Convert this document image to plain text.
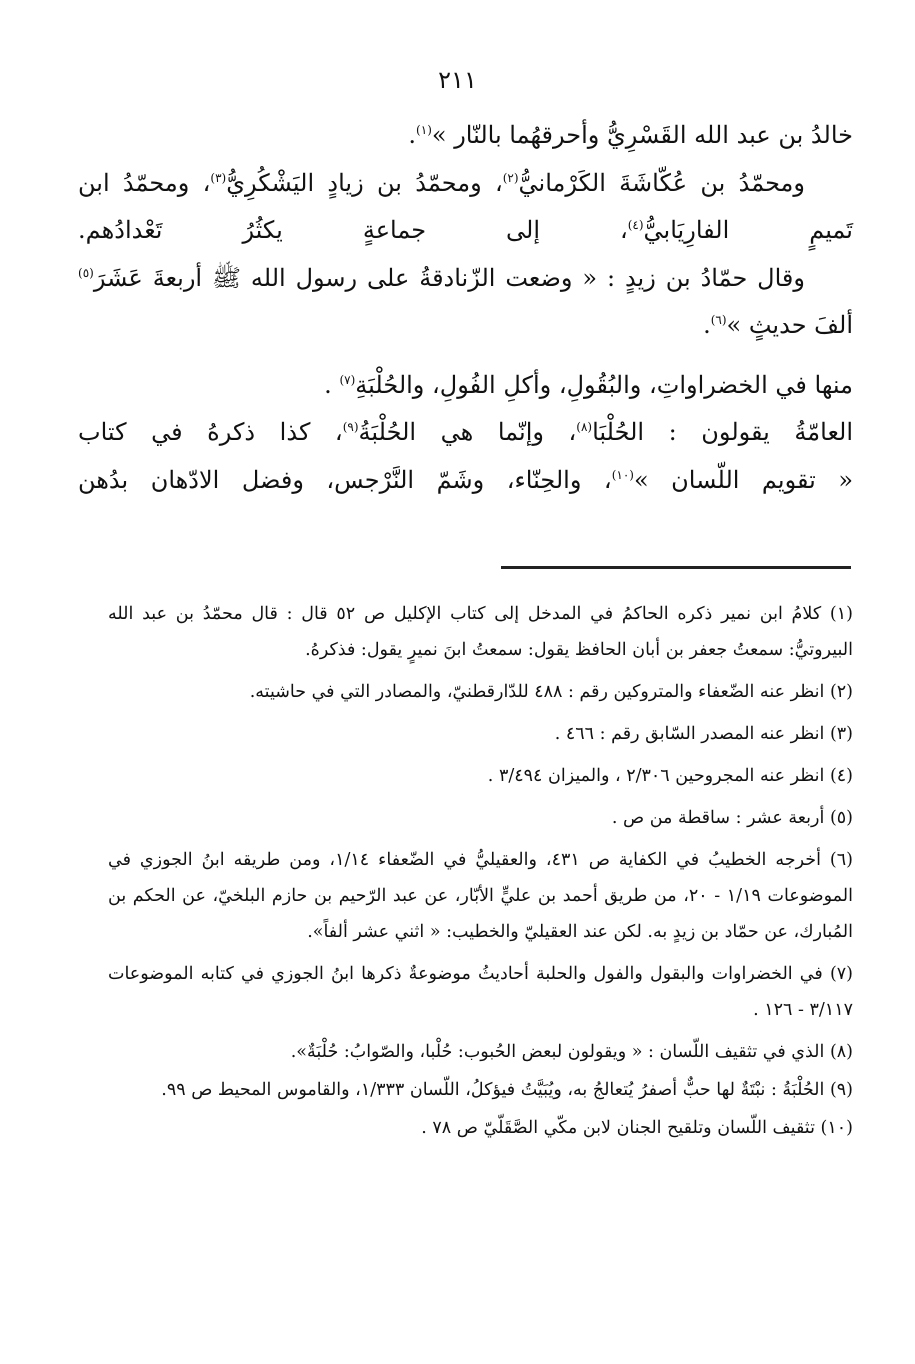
٢١١

خالدُ بن عبد الله القَسْرِيُّ وأحرقهُما بالنّار »$^{(١)}$.

ومحمّدُ بن عُكّاشَةَ الكَرْمانيُّ$^{(٢)}$، ومحمّدُ بن زيادٍ اليَشْكُرِيُّ$^{(٣)}$، ومحمّدُ ابن تَميمٍ الفارِيَابيُّ$^{(٤)}$، إلى جماعةٍ يكثُرُ تَعْدادُهم.

وقال حمّادُ بن زيدٍ : « وضعت الزّنادقةُ على رسول الله ﷺ أربعةَ عَشَرَ$^{(٥)}$ ألفَ حديثٍ »$^{(٦)}$.

منها في الخضراواتِ، والبُقُولِ، وأكلِ الفُولِ، والحُلْبَةِ$^{(٧)}$ .

العامّةُ يقولون : الحُلْبَا$^{(٨)}$، وإنّما هي الحُلْبَةُ$^{(٩)}$، كذا ذكرهُ في كتاب

« تقويم اللّسان »$^{(١٠)}$، والحِنّاء، وشَمّ النَّرْجس، وفضل الادّهان بدُهن

(١) كلامُ ابن نمير ذكره الحاكمُ في المدخل إلى كتاب الإكليل ص ٥٢ قال : قال محمّدُ بن عبد الله البيروتيُّ: سمعتُ جعفر بن أبان الحافظ يقول: سمعتُ ابنَ نميرٍ يقول: فذكرهُ.

(٢) انظر عنه الضّعفاء والمتروكين رقم : ٤٨٨ للدّارقطنيّ، والمصادر التي في حاشيته.

(٣) انظر عنه المصدر السّابق رقم : ٤٦٦ .

(٤) انظر عنه المجروحين ٢/٣٠٦ ، والميزان ٣/٤٩٤ .

(٥) أربعة عشر : ساقطة من ص .

(٦) أخرجه الخطيبُ في الكفاية ص ٤٣١، والعقيليُّ في الضّعفاء ١/١٤، ومن طريقه ابنُ الجوزي في الموضوعات ١/١٩ - ٢٠، من طريق أحمد بن عليٍّ الأبّار، عن عبد الرّحيم بن حازم البلخيّ، عن الحكم بن المُبارك، عن حمّاد بن زيدٍ به. لكن عند العقيليّ والخطيب: « اثني عشر ألفاً».

(٧) في الخضراوات والبقول والفول والحلبة أحاديثُ موضوعةٌ ذكرها ابنُ الجوزي في كتابه الموضوعات ٣/١١٧ - ١٢٦ .

(٨) الذي في تثقيف اللّسان : « ويقولون لبعض الحُبوب: حُلْبا، والصّوابُ: حُلْبَةٌ».

(٩) الحُلْبَةُ : نبْتَةٌ لها حبٌّ أصفرُ يُتعالجُ به، ويُبَيَّتُ فيؤكلُ، اللّسان ١/٣٣٣، والقاموس المحيط ص ٩٩.

(١٠) تثقيف اللّسان وتلقيح الجنان لابن مكّي الصَّقَلّيّ ص ٧٨ .
